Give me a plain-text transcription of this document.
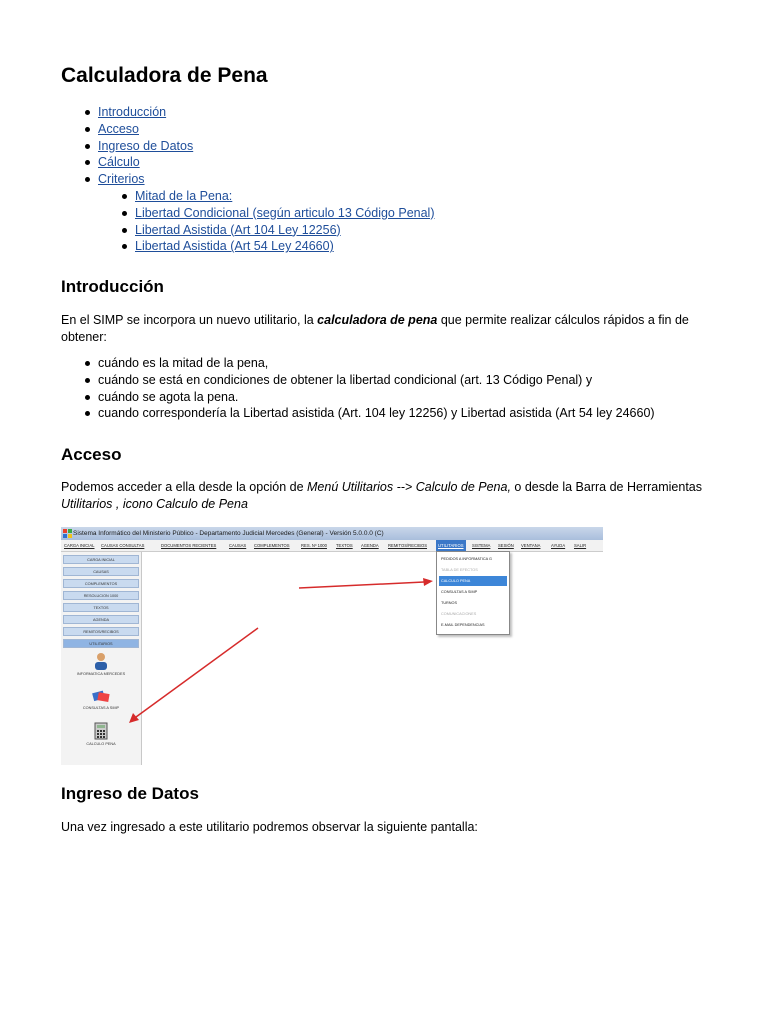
Calculadora de Pena
Introducción
Acceso
Ingreso de Datos
Cálculo
Criterios
Mitad de la Pena:
Libertad Condicional (según articulo 13 Código Penal)
Libertad Asistida (Art 104 Ley 12256)
Libertad Asistida (Art 54 Ley 24660)
Introducción

En el SIMP se incorpora un nuevo utilitario, la calculadora de pena que permite realizar cálculos rápidos a fin de obtener:

cuándo es la mitad de la pena,
cuándo se está en condiciones de obtener la libertad condicional (art. 13 Código Penal) y
cuándo se agota la pena.
cuando correspondería la Libertad asistida (Art. 104 ley 12256) y Libertad asistida (Art 54 ley 24660)
Acceso

Podemos acceder a ella desde la opción de Menú Utilitarios --> Calculo de Pena, o desde la Barra de Herramientas
Utilitarios , icono Calculo de Pena

Sistema Informático del Ministerio Público - Departamento Judicial Mercedes (General) - Versión 5.0.0.0 (C)
CARGA INICIAL CAUSAS CONSULTAS	DOCUMENTOS RECIENTES	CAUSAS COMPLEMENTOS	RES. Nº 1000 TEXTOS AGENDA REMITOS/RECIBOS	UTILITARIOS	SISTEMA SESIÓN VENTANA	AYUDA SALIR
CARGA INICIAL
CAUSAS
COMPLEMENTOS
RESOLUCION 1000
TEXTOS
AGENDA
REMITOS/RECIBOS
UTILITARIOS
INFORMATICA MERCEDES
CONSULTAS A SIMP
CALCULO PENA
PEDIDOS A INFORMATICA G
TABLA DE EFECTOS
CALCULO PENA
CONSULTAS A SIMP
TURNOS
COMUNICACIONES
E-MAIL DEPENDENCIAS
Ingreso de Datos

Una vez ingresado a este utilitario podremos observar la siguiente pantalla:
